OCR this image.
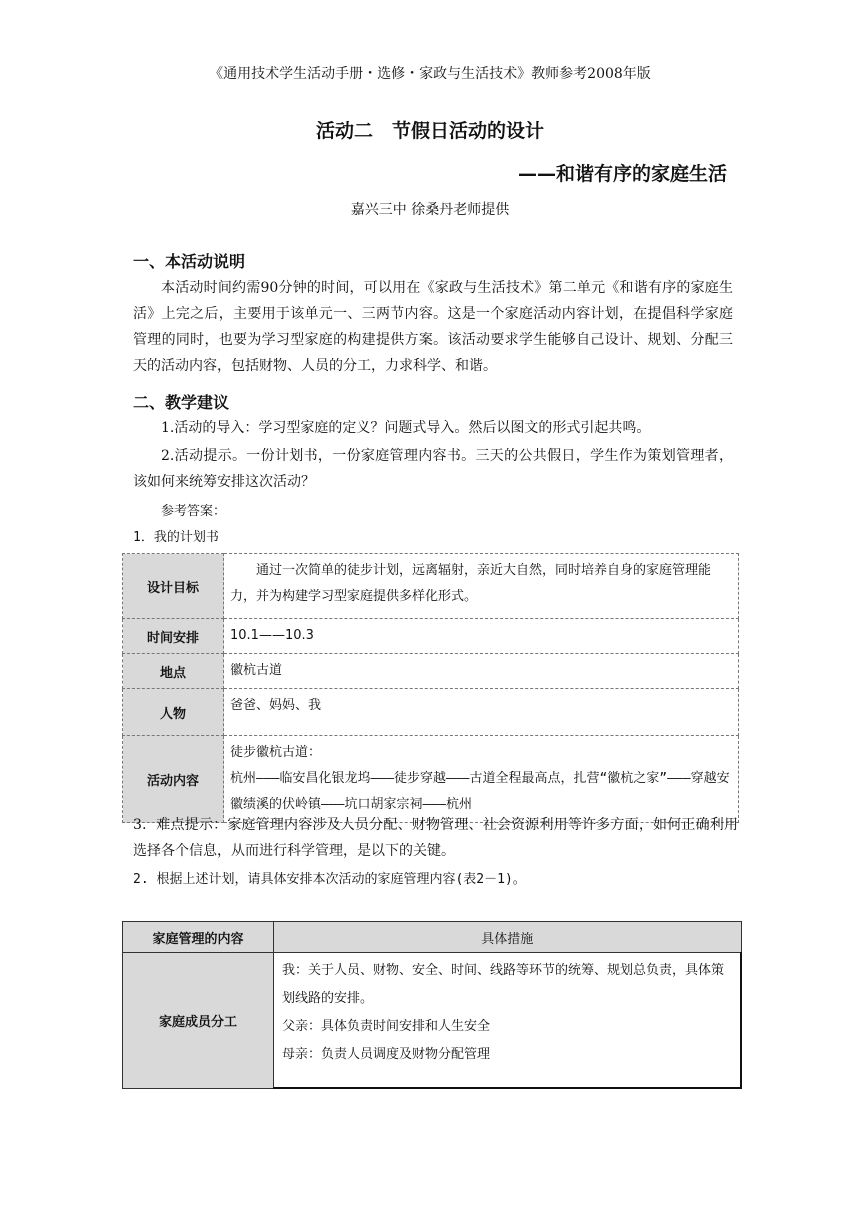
《通用技术学生活动手册・选修・家政与生活技术》教师参考2008年版
活动二　节假日活动的设计
——和谐有序的家庭生活
嘉兴三中 徐桑丹老师提供
一、本活动说明
本活动时间约需90分钟的时间，可以用在《家政与生活技术》第二单元《和谐有序的家庭生活》上完之后，主要用于该单元一、三两节内容。这是一个家庭活动内容计划，在提倡科学家庭管理的同时，也要为学习型家庭的构建提供方案。该活动要求学生能够自己设计、规划、分配三天的活动内容，包括财物、人员的分工，力求科学、和谐。
二、教学建议
1.活动的导入：学习型家庭的定义？问题式导入。然后以图文的形式引起共鸣。
2.活动提示。一份计划书，一份家庭管理内容书。三天的公共假日，学生作为策划管理者，该如何来统筹安排这次活动？
参考答案：
1．我的计划书
设计目标	通过一次简单的徒步计划，远离辐射，亲近大自然，同时培养自身的家庭管理能力，并为构建学习型家庭提供多样化形式。
时间安排	10.1——10.3
地点	徽杭古道
人物	爸爸、妈妈、我
活动内容	徒步徽杭古道：
杭州———临安昌化银龙坞———徒步穿越———古道全程最高点，扎营“徽杭之家”———穿越安徽绩溪的伏岭镇———坑口胡家宗祠———杭州
3．难点提示：家庭管理内容涉及人员分配、财物管理、社会资源利用等许多方面，如何正确利用选择各个信息，从而进行科学管理，是以下的关键。
2. 根据上述计划，请具体安排本次活动的家庭管理内容(表2－1)。
家庭管理的内容	具体措施
家庭成员分工	我：关于人员、财物、安全、时间、线路等环节的统筹、规划总负责，具体策划线路的安排。
父亲：具体负责时间安排和人生安全
母亲：负责人员调度及财物分配管理
